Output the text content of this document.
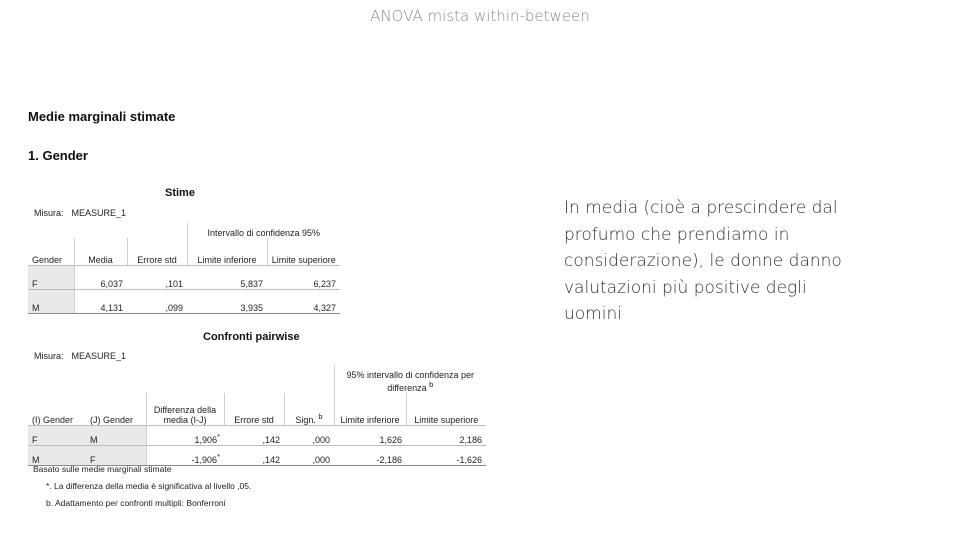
ANOVA mista within-between
Medie marginali stimate
1. Gender
Stime
Misura: MEASURE_1
			Intervallo di confidenza 95%	
Gender	Media	Errore std	Limite inferiore	Limite superiore
F	6,037	,101	5,837	6,237
M	4,131	,099	3,935	4,327
Confronti pairwise
Misura: MEASURE_1
					95% intervallo di confidenza per differenza $^b$
(I) Gender	(J) Gender	Differenza della media (I-J)	Errore std	Sign. $^b$	Limite inferiore	Limite superiore
F	M	1,906*	,142	,000	1,626	2,186
M	F	-1,906*	,142	,000	-2,186	-1,626
Basato sulle medie marginali stimate
*. La differenza della media è significativa al livello ,05.
b. Adattamento per confronti multipli: Bonferroni
In media (cioè a prescindere dal profumo che prendiamo in considerazione), le donne danno valutazioni più positive degli uomini
